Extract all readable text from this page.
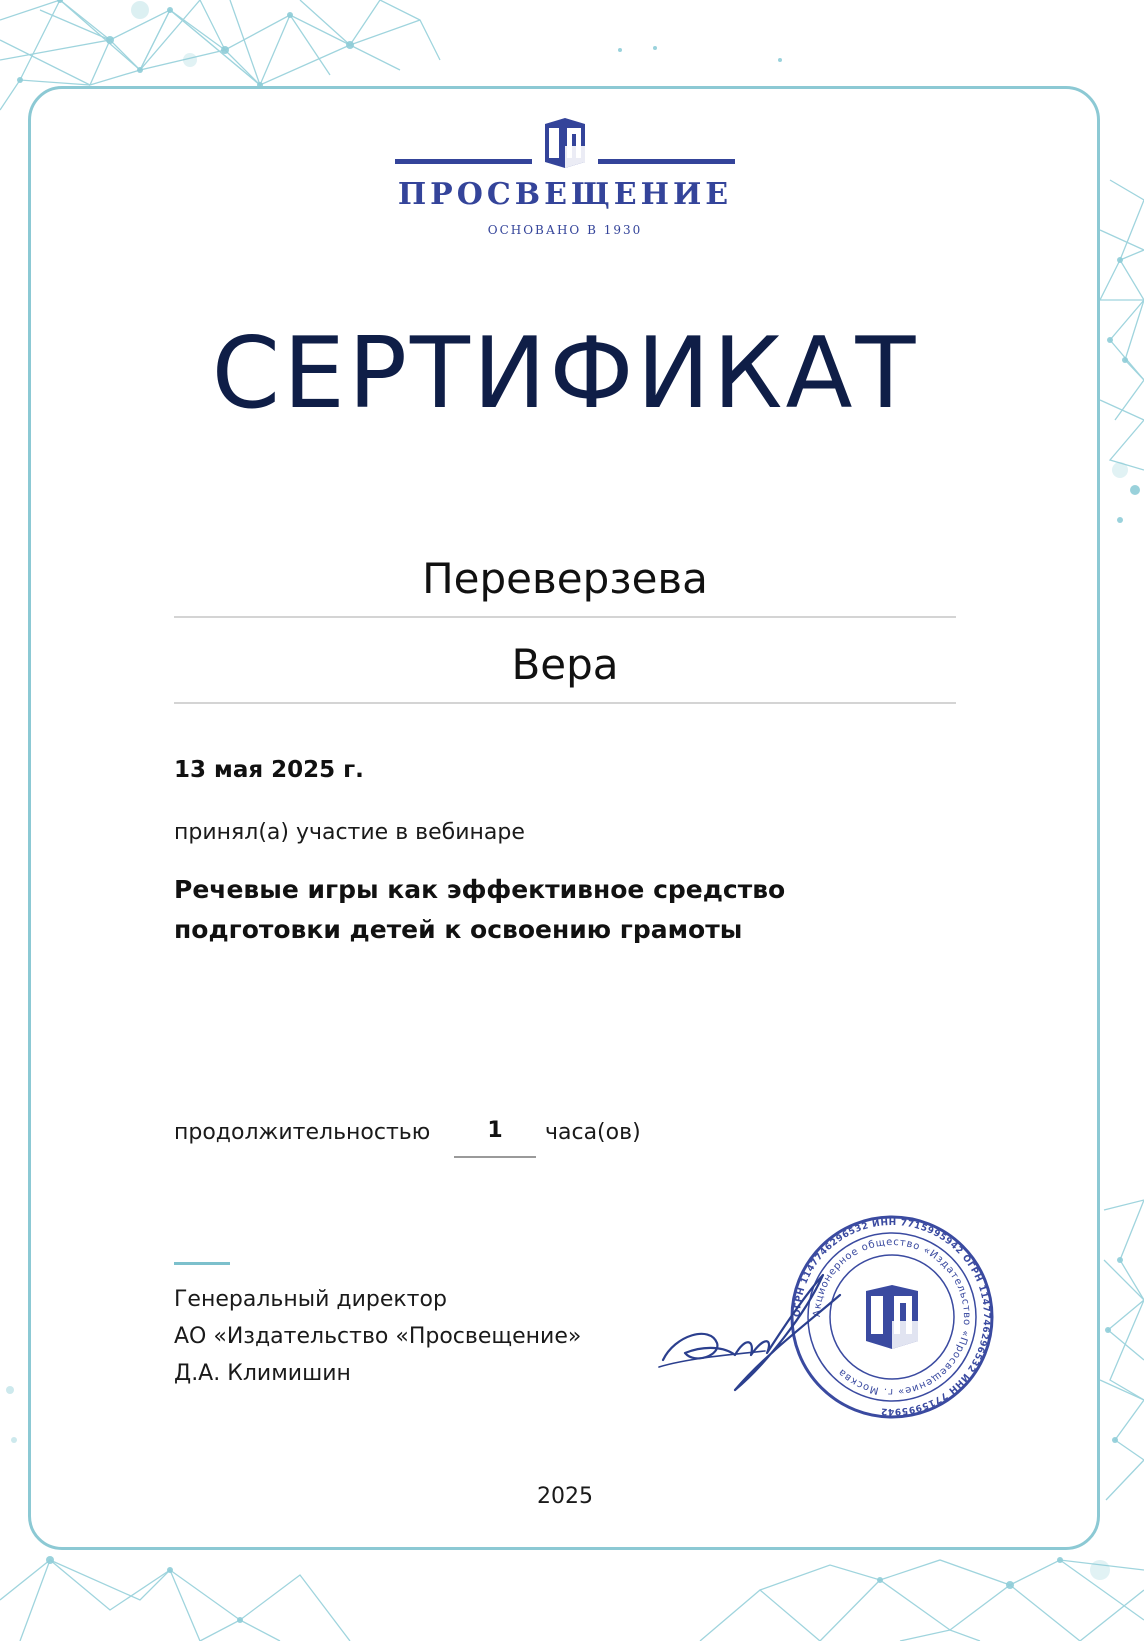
ПРОСВЕЩЕНИЕ
ОСНОВАНО В 1930
СЕРТИФИКАТ
Переверзева
Вера
13 мая 2025 г.
принял(а) участие в вебинаре
Речевые игры как эффективное средство подготовки детей к освоению грамоты
продолжительностью	1	часа(ов)
Генеральный директор
АО «Издательство «Просвещение»
Д.А. Климишин
ОГРН 1147746296532 ИНН 7715995942 ОГРН 1147746296532 ИНН 7715995942
Акционерное общество «Издательство «Просвещение» г. Москва
2025
